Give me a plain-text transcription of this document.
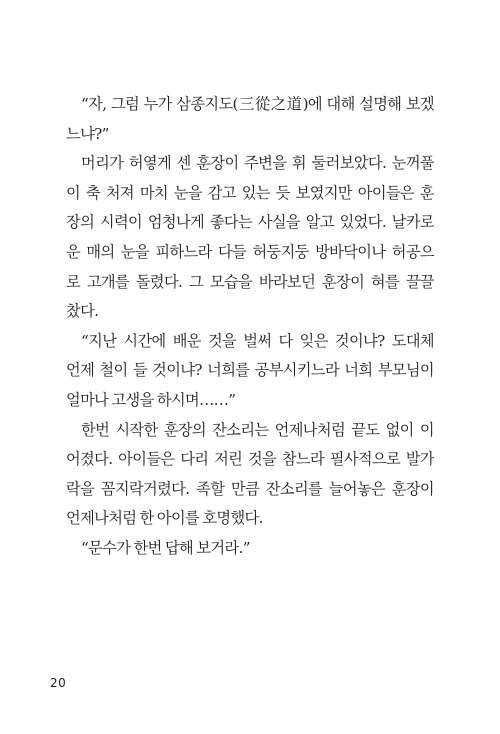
“자, 그럼 누가 삼종지도(三從之道)에 대해 설명해 보겠
느냐?”

머리가 허옇게 센 훈장이 주변을 휘 둘러보았다. 눈꺼풀
이 축 처져 마치 눈을 감고 있는 듯 보였지만 아이들은 훈
장의 시력이 엄청나게 좋다는 사실을 알고 있었다. 날카로
운 매의 눈을 피하느라 다들 허둥지둥 방바닥이나 허공으
로 고개를 돌렸다. 그 모습을 바라보던 훈장이 혀를 끌끌
찼다.

“지난 시간에 배운 것을 벌써 다 잊은 것이냐? 도대체
언제 철이 들 것이냐? 너희를 공부시키느라 너희 부모님이
얼마나 고생을 하시며……”

한번 시작한 훈장의 잔소리는 언제나처럼 끝도 없이 이
어졌다. 아이들은 다리 저린 것을 참느라 필사적으로 발가
락을 꼼지락거렸다. 족할 만큼 잔소리를 늘어놓은 훈장이
언제나처럼 한 아이를 호명했다.

“문수가 한번 답해 보거라.”

20
